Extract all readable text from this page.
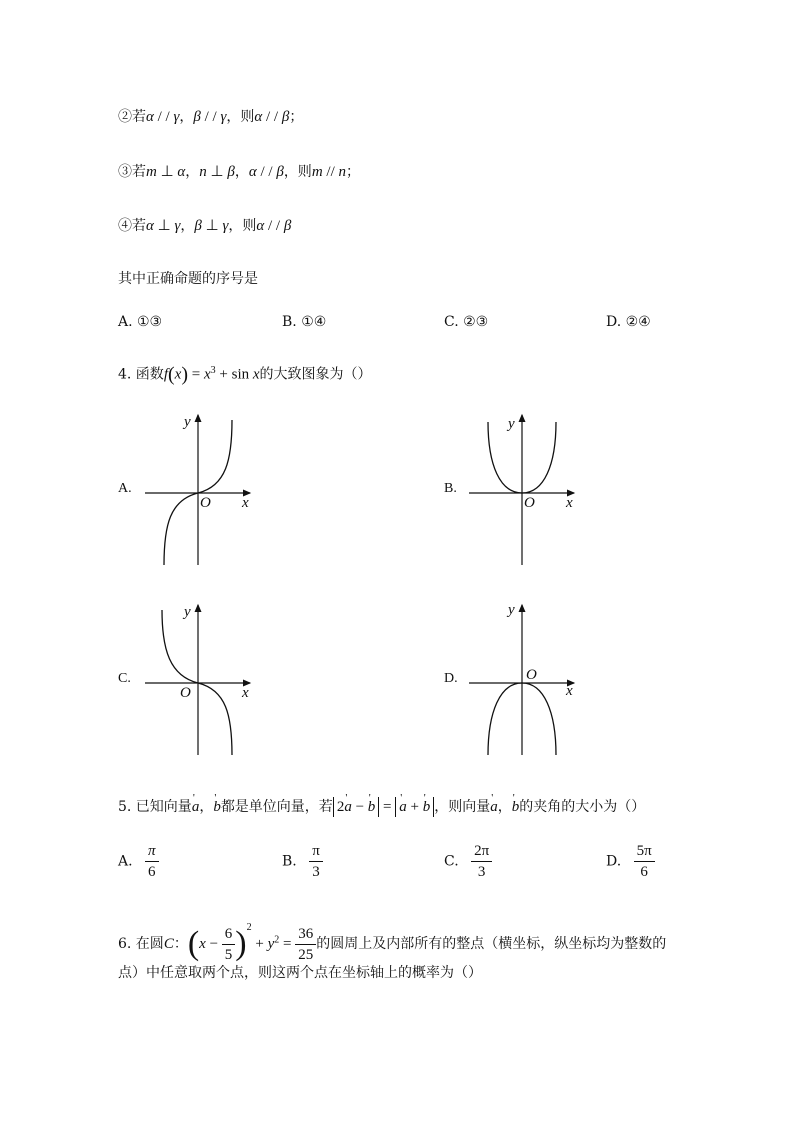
②若α / / γ，β / / γ，则α / / β；
③若m ⊥ α，n ⊥ β，α / / β，则m // n；
④若α ⊥ γ，β ⊥ γ，则α / / β
其中正确命题的序号是
A. ①③	B. ①④	C. ②③	D. ②④
4. 函数$f(x) = x^3 + \sin x$的大致图象为（）
A.	B.
C.	D.
y
x
O
y
x
O
y
x
O
y
x
O
5. 已知向量' a，' b都是单位向量，若 2' a − ' b = ' a + ' b ，则向量' a，' b的夹角的大小为（）
A. $\frac{\pi}{6}$	B. $\frac{\pi}{3}$	C. $\frac{2\pi}{3}$	D. $\frac{5\pi}{6}$
6. 在圆C：$(x - \frac{6}{5} )^2 + y^2 = \frac{36}{25}$ 的圆周上及内部所有的整点（横坐标，纵坐标均为整数的
点）中任意取两个点，则这两个点在坐标轴上的概率为（）
